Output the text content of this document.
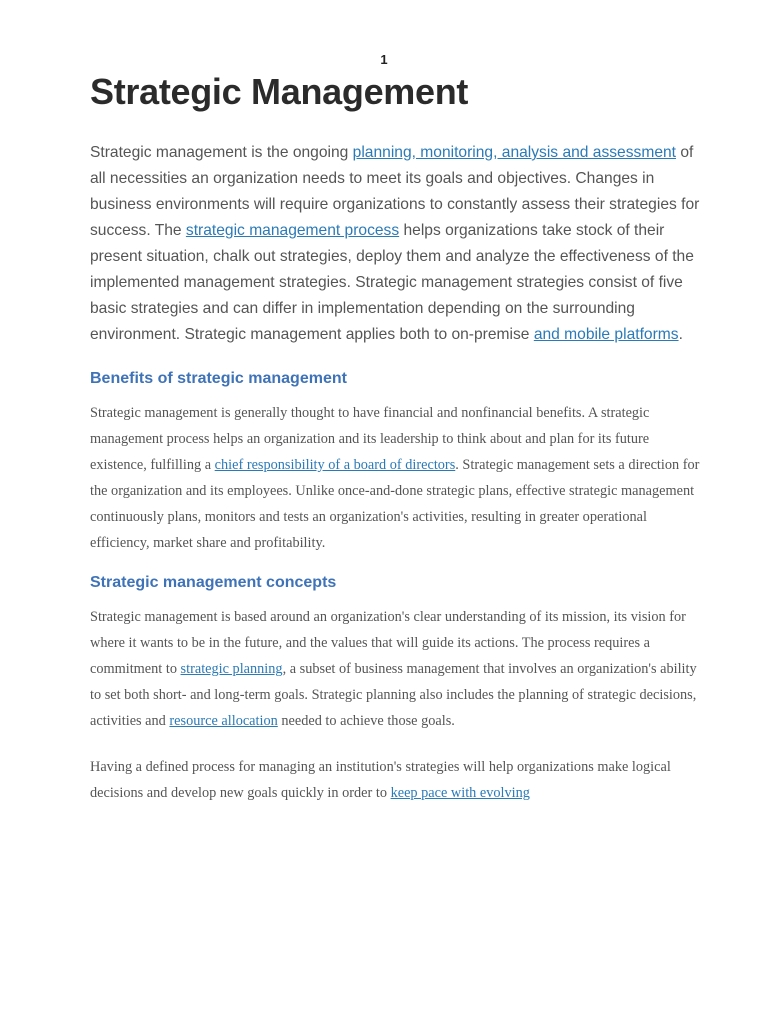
1
Strategic Management

Strategic management is the ongoing planning, monitoring, analysis and assessment of all necessities an organization needs to meet its goals and objectives. Changes in business environments will require organizations to constantly assess their strategies for success. The strategic management process helps organizations take stock of their present situation, chalk out strategies, deploy them and analyze the effectiveness of the implemented management strategies. Strategic management strategies consist of five basic strategies and can differ in implementation depending on the surrounding environment. Strategic management applies both to on-premise and mobile platforms.

Benefits of strategic management

Strategic management is generally thought to have financial and nonfinancial benefits. A strategic management process helps an organization and its leadership to think about and plan for its future existence, fulfilling a chief responsibility of a board of directors. Strategic management sets a direction for the organization and its employees. Unlike once-and-done strategic plans, effective strategic management continuously plans, monitors and tests an organization's activities, resulting in greater operational efficiency, market share and profitability.

Strategic management concepts

Strategic management is based around an organization's clear understanding of its mission, its vision for where it wants to be in the future, and the values that will guide its actions. The process requires a commitment to strategic planning, a subset of business management that involves an organization's ability to set both short- and long-term goals. Strategic planning also includes the planning of strategic decisions, activities and resource allocation needed to achieve those goals.

Having a defined process for managing an institution's strategies will help organizations make logical decisions and develop new goals quickly in order to keep pace with evolving
